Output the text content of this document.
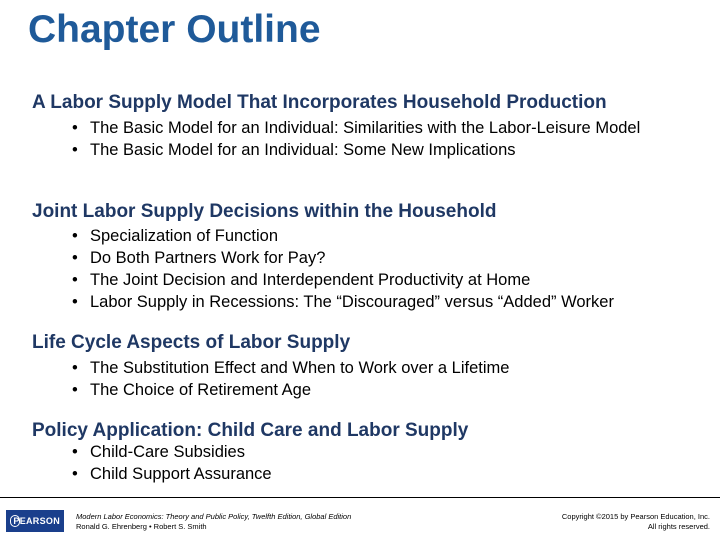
Chapter Outline
A Labor Supply Model That Incorporates Household Production
• The Basic Model for an Individual: Similarities with the Labor-Leisure Model
• The Basic Model for an Individual: Some New Implications
Joint Labor Supply Decisions within the Household
• Specialization of Function
• Do Both Partners Work for Pay?
• The Joint Decision and Interdependent Productivity at Home
• Labor Supply in Recessions: The “Discouraged” versus “Added” Worker
Life Cycle Aspects of Labor Supply
• The Substitution Effect and When to Work over a Lifetime
• The Choice of Retirement Age
Policy Application: Child Care and Labor Supply
• Child-Care Subsidies
• Child Support Assurance
PEARSON	Modern Labor Economics: Theory and Public Policy, Twelfth Edition, Global Edition
Ronald G. Ehrenberg • Robert S. Smith
Copyright ©2015 by Pearson Education, Inc.
All rights reserved.
